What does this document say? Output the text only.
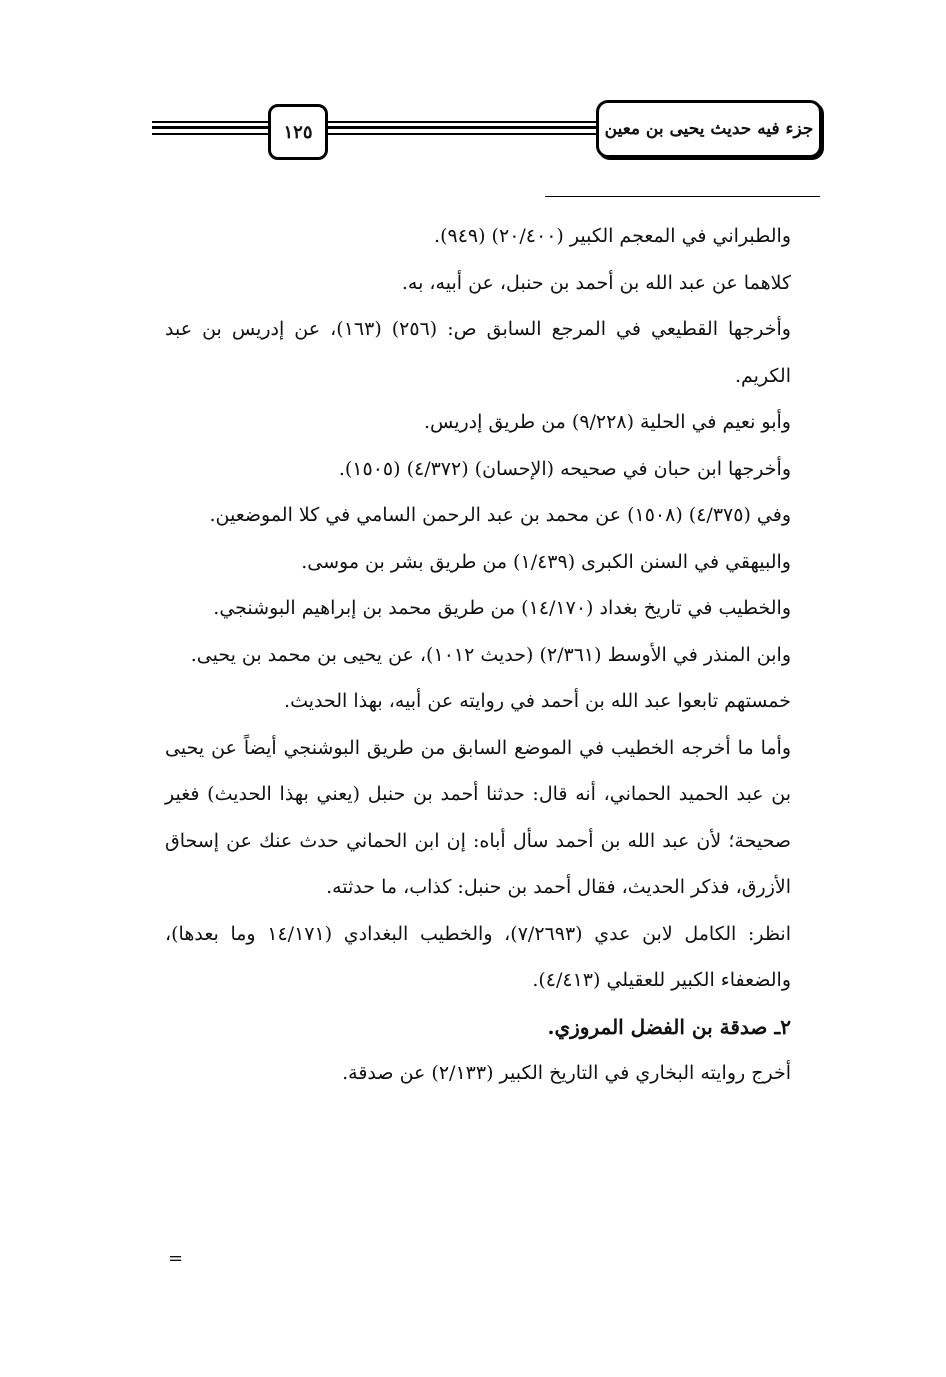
١٢٥	جزء فيه حديث يحيى بن معين

والطبراني في المعجم الكبير (٢٠/٤٠٠) (٩٤٩).

كلاهما عن عبد الله بن أحمد بن حنبل، عن أبيه، به.

وأخرجها القطيعي في المرجع السابق ص: (٢٥٦) (١٦٣)، عن إدريس بن عبد الكريم.

وأبو نعيم في الحلية (٩/٢٢٨) من طريق إدريس.

وأخرجها ابن حبان في صحيحه (الإحسان) (٤/٣٧٢) (١٥٠٥).

وفي (٤/٣٧٥) (١٥٠٨) عن محمد بن عبد الرحمن السامي في كلا الموضعين.

والبيهقي في السنن الكبرى (١/٤٣٩) من طريق بشر بن موسى.

والخطيب في تاريخ بغداد (١٤/١٧٠) من طريق محمد بن إبراهيم البوشنجي.

وابن المنذر في الأوسط (٢/٣٦١) (حديث ١٠١٢)، عن يحيى بن محمد بن يحيى.

خمستهم تابعوا عبد الله بن أحمد في روايته عن أبيه، بهذا الحديث.

وأما ما أخرجه الخطيب في الموضع السابق من طريق البوشنجي أيضاً عن يحيى بن عبد الحميد الحماني، أنه قال: حدثنا أحمد بن حنبل (يعني بهذا الحديث) فغير صحيحة؛ لأن عبد الله بن أحمد سأل أباه: إن ابن الحماني حدث عنك عن إسحاق الأزرق، فذكر الحديث، فقال أحمد بن حنبل: كذاب، ما حدثته.

انظر: الكامل لابن عدي (٧/٢٦٩٣)، والخطيب البغدادي (١٤/١٧١ وما بعدها)، والضعفاء الكبير للعقيلي (٤/٤١٣).

٢ـ صدقة بن الفضل المروزي.

أخرج روايته البخاري في التاريخ الكبير (٢/١٣٣) عن صدقة.

=
